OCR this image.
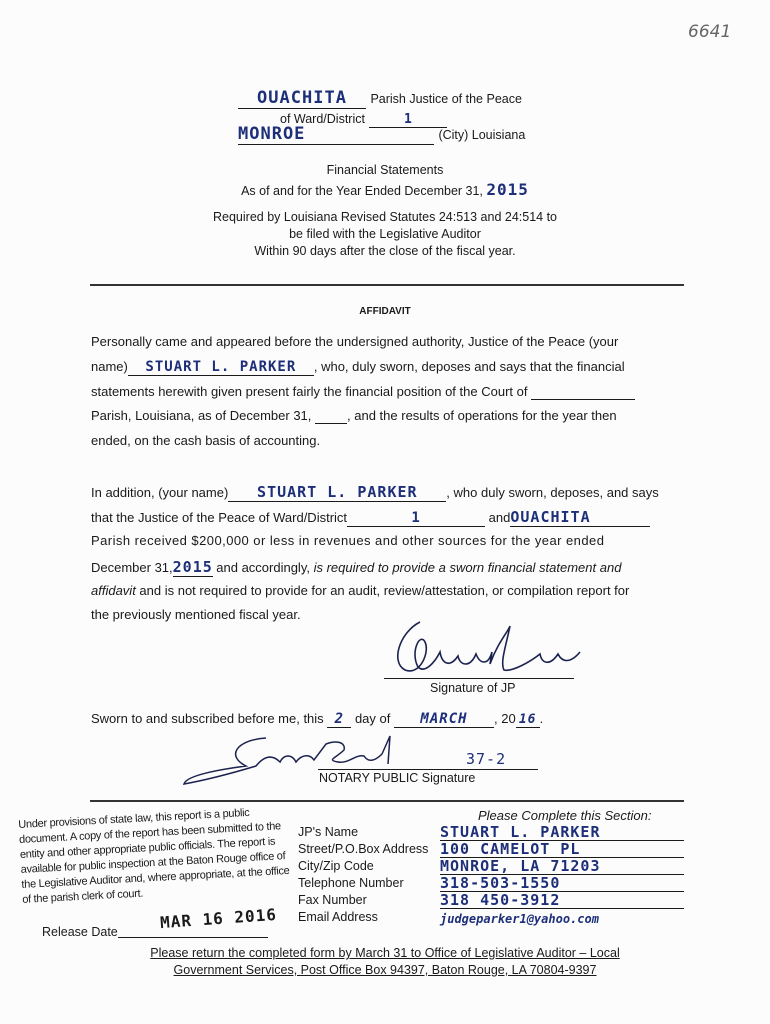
6641
OUACHITA Parish Justice of the Peace
of Ward/District	1
MONROE	(City) Louisiana
Financial Statements
As of and for the Year Ended December 31, 2015
Required by Louisiana Revised Statutes 24:513 and 24:514 to
be filed with the Legislative Auditor
Within 90 days after the close of the fiscal year.
AFFIDAVIT
Personally came and appeared before the undersigned authority, Justice of the Peace (your
name) STUART L. PARKER , who, duly sworn, deposes and says that the financial
statements herewith given present fairly the financial position of the Court of
Parish, Louisiana, as of December 31,	, and the results of operations for the year then
ended, on the cash basis of accounting.
In addition, (your name) STUART L. PARKER , who duly sworn, deposes, and says
that the Justice of the Peace of Ward/District	1	andOUACHITA
Parish received $200,000 or less in revenues and other sources for the year ended
December 31,2015 and accordingly, is required to provide a sworn financial statement and
affidavit and is not required to provide for an audit, review/attestation, or compilation report for
the previously mentioned fiscal year.
Signature of JP
Sworn to and subscribed before me, this 2 day of MARCH , 20 16 .
37-2
NOTARY PUBLIC Signature
Under provisions of state law, this report is a public document. A copy of the report has been submitted to the entity and other appropriate public officials. The report is available for public inspection at the Baton Rouge office of the Legislative Auditor and, where appropriate, at the office of the parish clerk of court.
Release Date	MAR 16 2016
Please Complete this Section:
JP's Name	STUART L. PARKER
Street/P.O.Box Address 100 CAMELOT PL
City/Zip Code	MONROE, LA 71203
Telephone Number 318-503-1550
Fax Number	318 450-3912
Email Address	judgeparker1@yahoo.com
Please return the completed form by March 31 to Office of Legislative Auditor – Local
Government Services, Post Office Box 94397, Baton Rouge, LA 70804-9397
